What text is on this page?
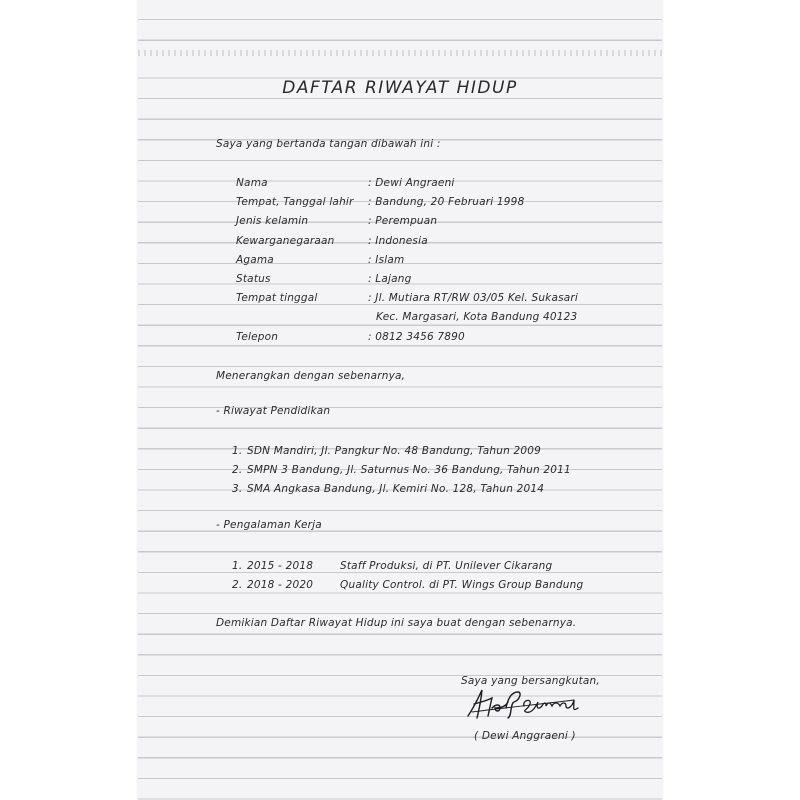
DAFTAR RIWAYAT HIDUP
Saya yang bertanda tangan dibawah ini :
Nama	: Dewi Angraeni
Tempat, Tanggal lahir : Bandung, 20 Februari 1998
Jenis kelamin	: Perempuan
Kewarganegaraan	: Indonesia
Agama	: Islam
Status	: Lajang
Tempat tinggal	: Jl. Mutiara RT/RW 03/05 Kel. Sukasari
Kec. Margasari, Kota Bandung 40123
Telepon	: 0812 3456 7890
Menerangkan dengan sebenarnya,
- Riwayat Pendidikan
1. SDN Mandiri, Jl. Pangkur No. 48 Bandung, Tahun 2009
2. SMPN 3 Bandung, Jl. Saturnus No. 36 Bandung, Tahun 2011
3. SMA Angkasa Bandung, Jl. Kemiri No. 128, Tahun 2014
- Pengalaman Kerja
1. 2015 - 2018	Staff Produksi, di PT. Unilever Cikarang
2. 2018 - 2020	Quality Control. di PT. Wings Group Bandung
Demikian Daftar Riwayat Hidup ini saya buat dengan sebenarnya.
Saya yang bersangkutan,
( Dewi Anggraeni )
